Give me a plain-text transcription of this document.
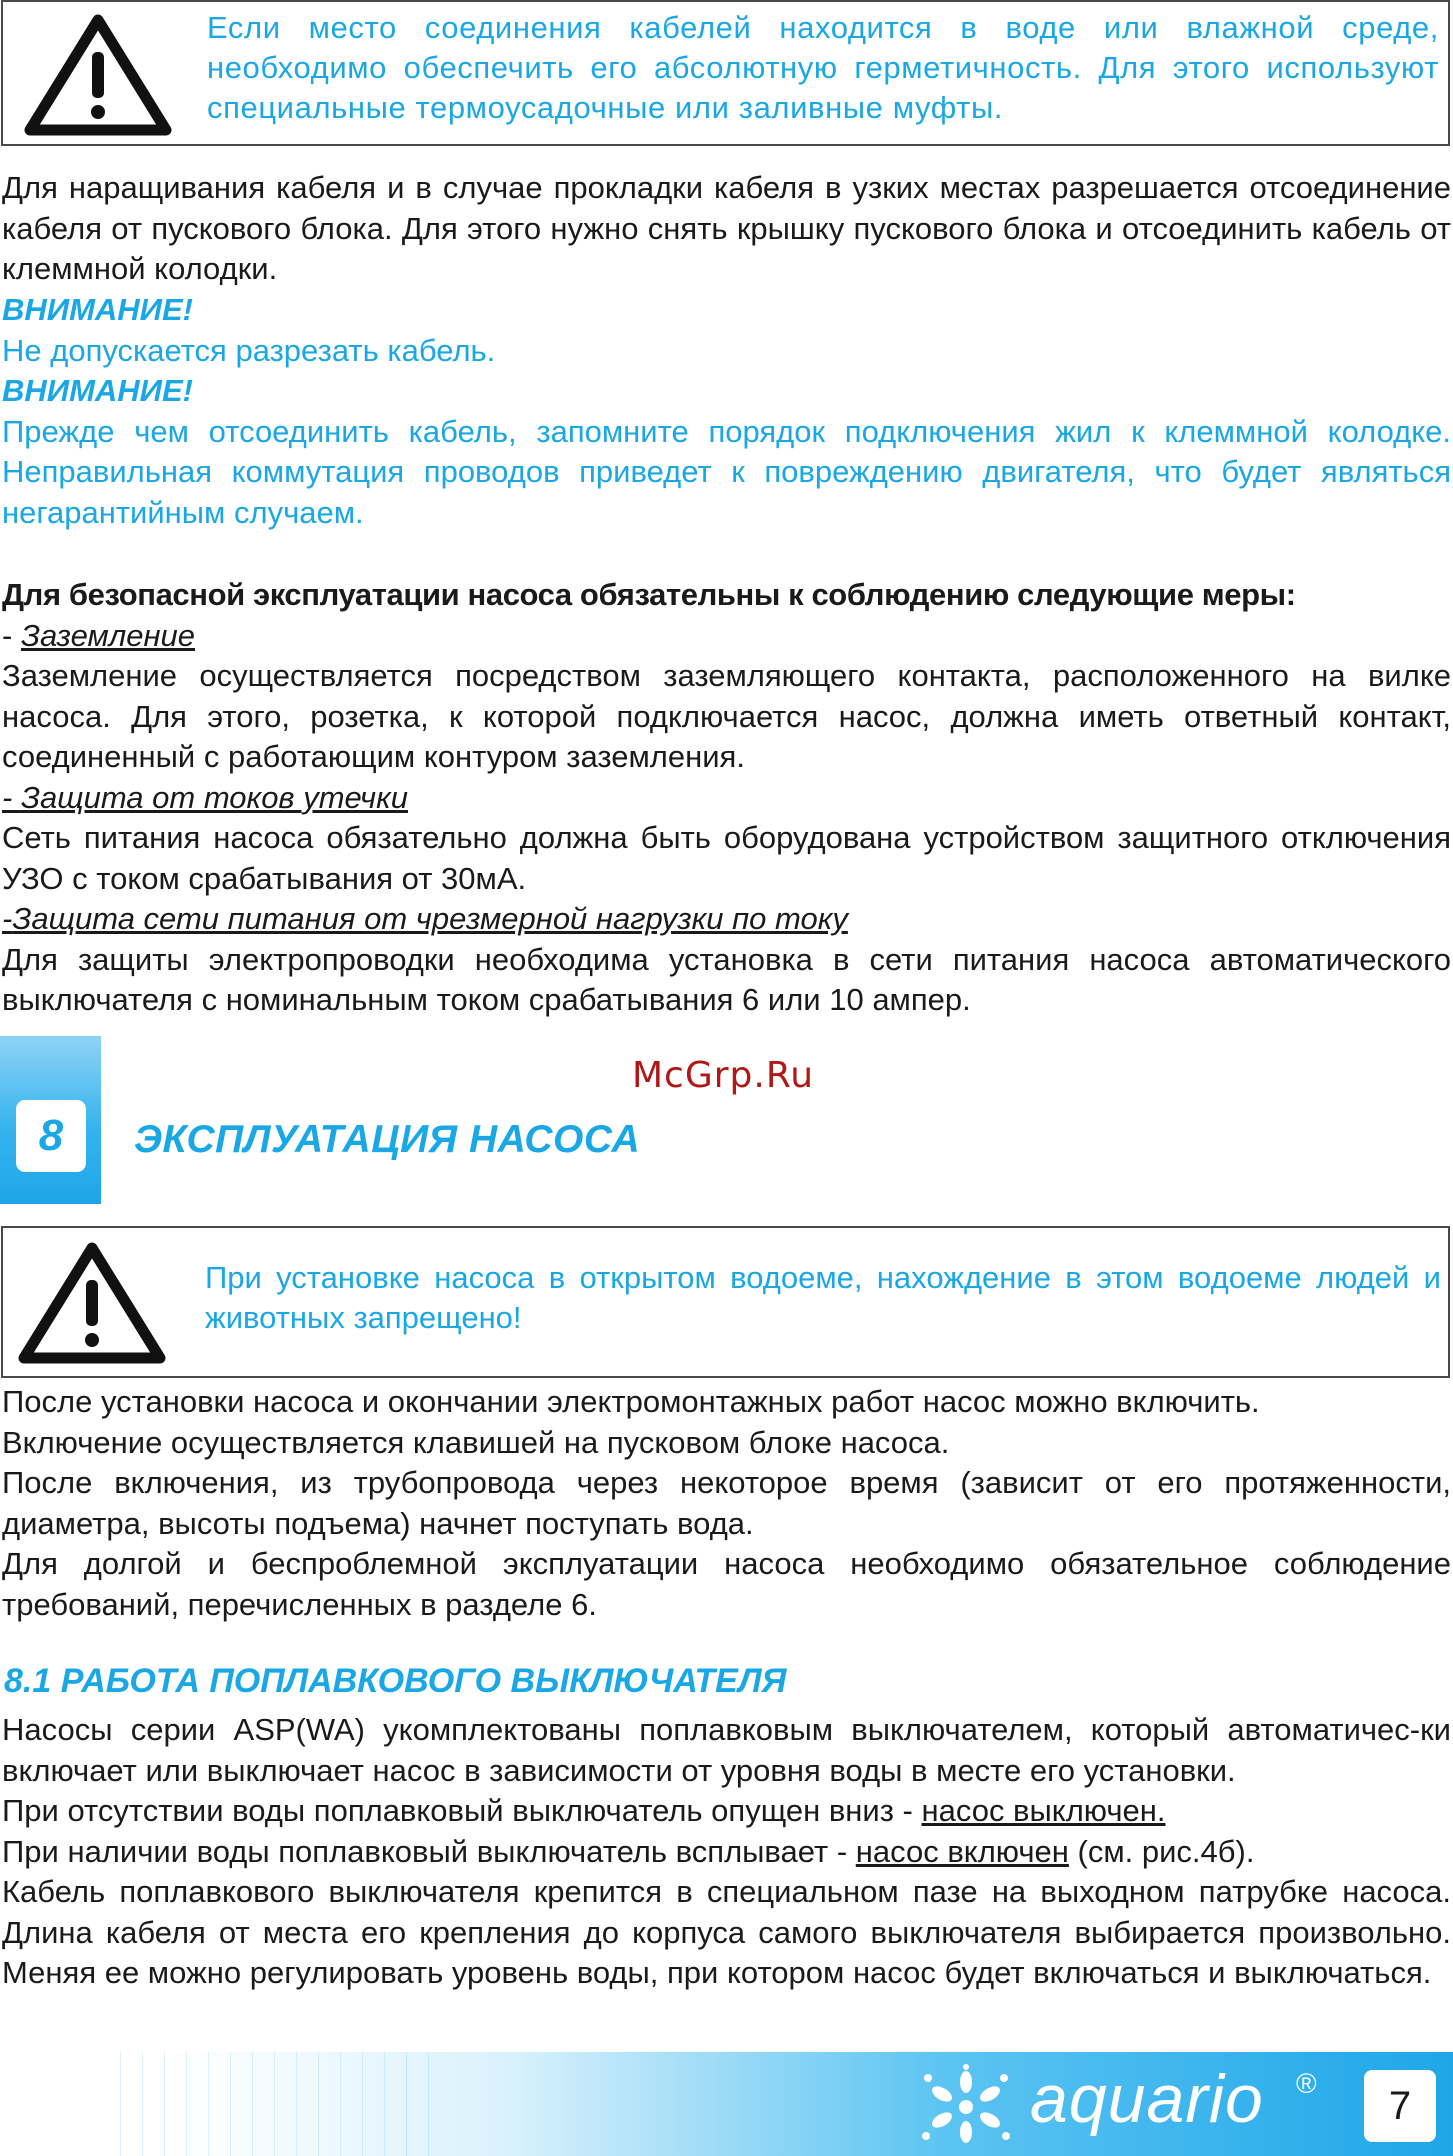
Если место соединения кабелей находится в воде или влажной среде, необходимо обеспечить его абсолютную герметичность. Для этого используют специальные термоусадочные или заливные муфты.

Для наращивания кабеля и в случае прокладки кабеля в узких местах разрешается отсоединение кабеля от пускового блока. Для этого нужно снять крышку пускового блока и отсоединить кабель от клеммной колодки.

ВНИМАНИЕ!

Не допускается разрезать кабель.

ВНИМАНИЕ!

Прежде чем отсоединить кабель, запомните порядок подключения жил к клеммной колодке. Неправильная коммутация проводов приведет к повреждению двигателя, что будет являться негарантийным случаем.

Для безопасной эксплуатации насоса обязательны к соблюдению следующие меры:

- Заземление

Заземление осуществляется посредством заземляющего контакта, расположенного на вилке насоса. Для этого, розетка, к которой подключается насос, должна иметь ответный контакт, соединенный с работающим контуром заземления.

- Защита от токов утечки

Сеть питания насоса обязательно должна быть оборудована устройством защитного отключения УЗО с током срабатывания от 30мА.

-Защита сети питания от чрезмерной нагрузки по току

Для защиты электропроводки необходима установка в сети питания насоса автоматического выключателя с номинальным током срабатывания 6 или 10 ампер.

McGrp.Ru
8	ЭКСПЛУАТАЦИЯ НАСОСА
При установке насоса в открытом водоеме, нахождение в этом водоеме людей и животных запрещено!

После установки насоса и окончании электромонтажных работ насос можно включить.

Включение осуществляется клавишей на пусковом блоке насоса.

После включения, из трубопровода через некоторое время (зависит от его протяженности, диаметра, высоты подъема) начнет поступать вода.

Для долгой и беспроблемной эксплуатации насоса необходимо обязательное соблюдение требований, перечисленных в разделе 6.

8.1 РАБОТА ПОПЛАВКОВОГО ВЫКЛЮЧАТЕЛЯ

Насосы серии ASP(WA) укомплектованы поплавковым выключателем, который автоматичес-ки включает или выключает насос в зависимости от уровня воды в месте его установки.

При отсутствии воды поплавковый выключатель опущен вниз - насос выключен.

При наличии воды поплавковый выключатель всплывает - насос включен (см. рис.4б).

Кабель поплавкового выключателя крепится в специальном пазе на выходном патрубке насоса. Длина кабеля от места его крепления до корпуса самого выключателя выбирается произвольно. Меняя ее можно регулировать уровень воды, при котором насос будет включаться и выключаться.

aquario ®
7
